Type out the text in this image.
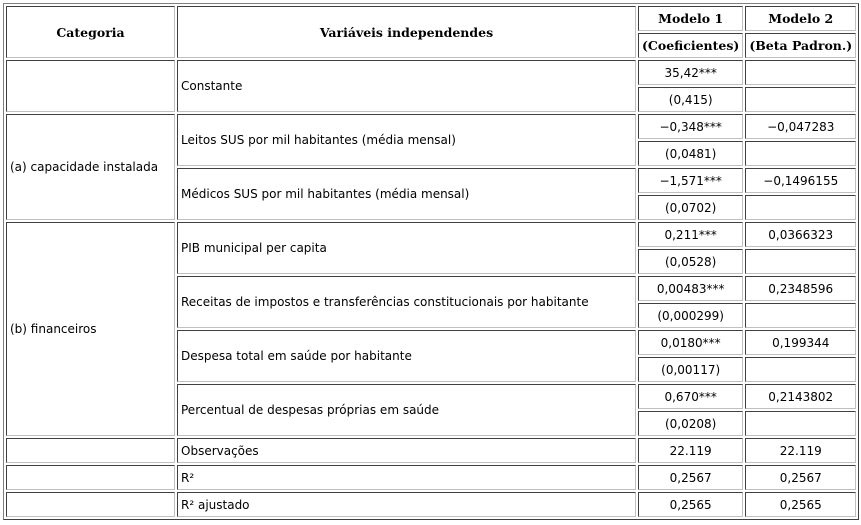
Categoria	Variáveis independendes	Modelo 1	Modelo 2
		(Coeficientes)	(Beta Padron.)
	Constante	35,42***	
		(0,415)	
(a) capacidade instalada	Leitos SUS por mil habitantes (média mensal)	−0,348***	−0,047283
		(0,0481)	
	Médicos SUS por mil habitantes (média mensal)	−1,571***	−0,1496155
		(0,0702)	
(b) financeiros	PIB municipal per capita	0,211***	0,0366323
		(0,0528)	
	Receitas de impostos e transferências constitucionais por habitante	0,00483***	0,2348596
		(0,000299)	
	Despesa total em saúde por habitante	0,0180***	0,199344
		(0,00117)	
	Percentual de despesas próprias em saúde	0,670***	0,2143802
		(0,0208)	
	Observações	22.119	22.119
	R²	0,2567	0,2567
	R² ajustado	0,2565	0,2565
